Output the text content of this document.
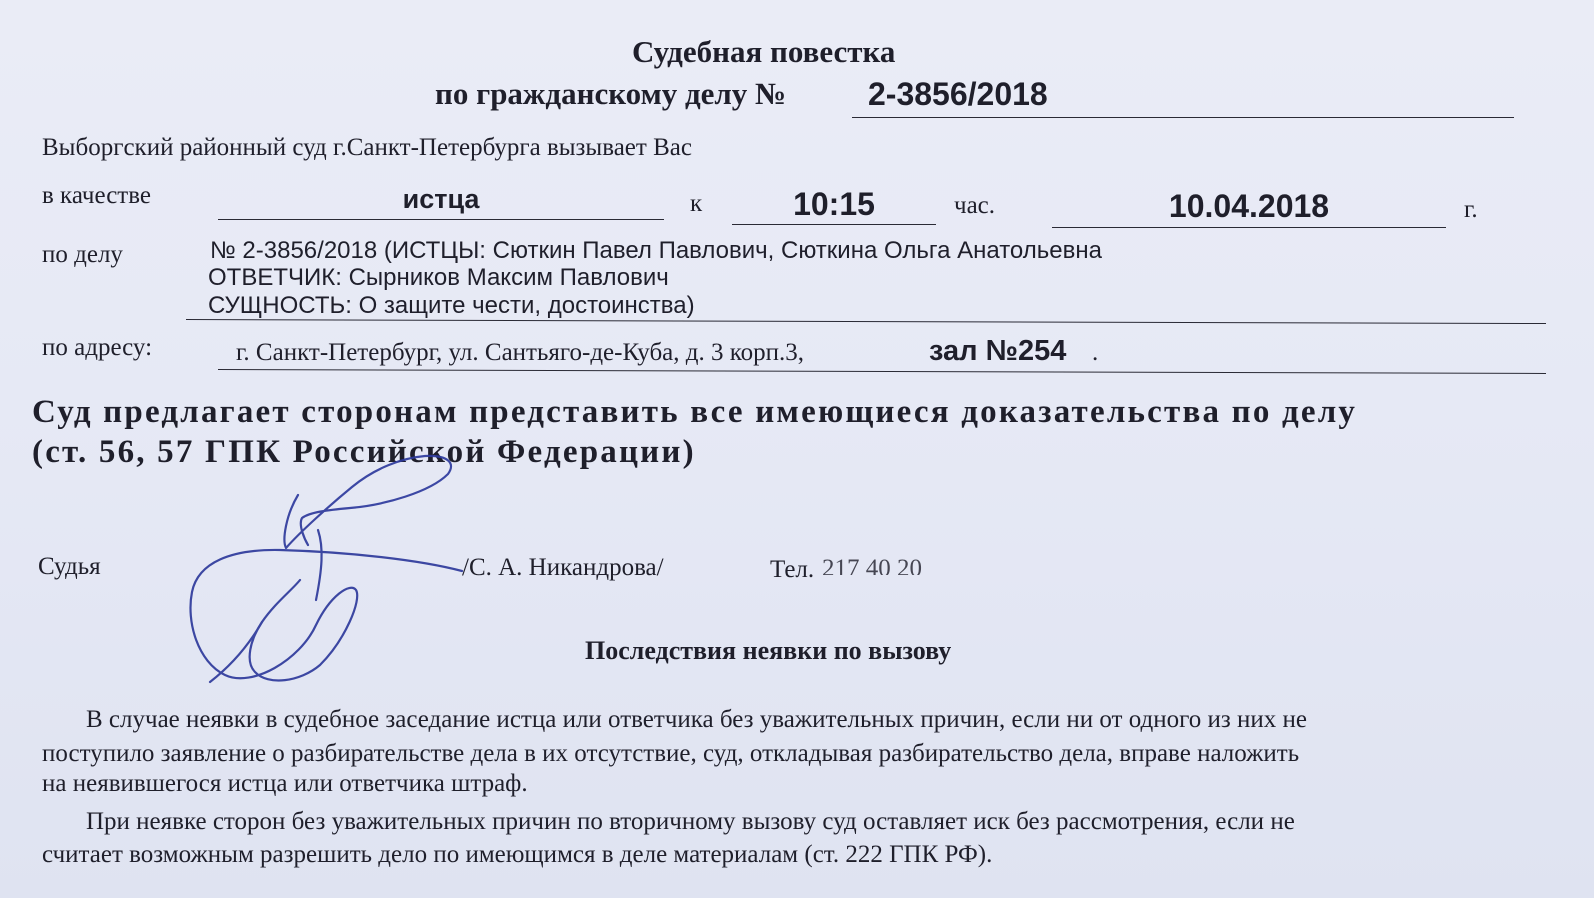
Судебная повестка
по гражданскому делу №	2-3856/2018
Выборгский районный суд г.Санкт-Петербурга вызывает Вас
в качестве	истца	к	10:15	час.	10.04.2018	г.
по делу	№ 2-3856/2018 (ИСТЦЫ: Сюткин Павел Павлович, Сюткина Ольга Анатольевна
ОТВЕТЧИК: Сырников Максим Павлович
СУЩНОСТЬ: О защите чести, достоинства)
по адресу:	г. Санкт-Петербург, ул. Сантьяго-де-Куба, д. 3 корп.3,	зал №254 .
Суд предлагает сторонам представить все имеющиеся доказательства по делу
(ст. 56, 57 ГПК Российской Федерации)
Судья	/С. А. Никандрова/	Тел. 217 40 20
Последствия неявки по вызову
В случае неявки в судебное заседание истца или ответчика без уважительных причин, если ни от одного из них не
поступило заявление о разбирательстве дела в их отсутствие, суд, откладывая разбирательство дела, вправе наложить
на неявившегося истца или ответчика штраф.
При неявке сторон без уважительных причин по вторичному вызову суд оставляет иск без рассмотрения, если не
считает возможным разрешить дело по имеющимся в деле материалам (ст. 222 ГПК РФ).
